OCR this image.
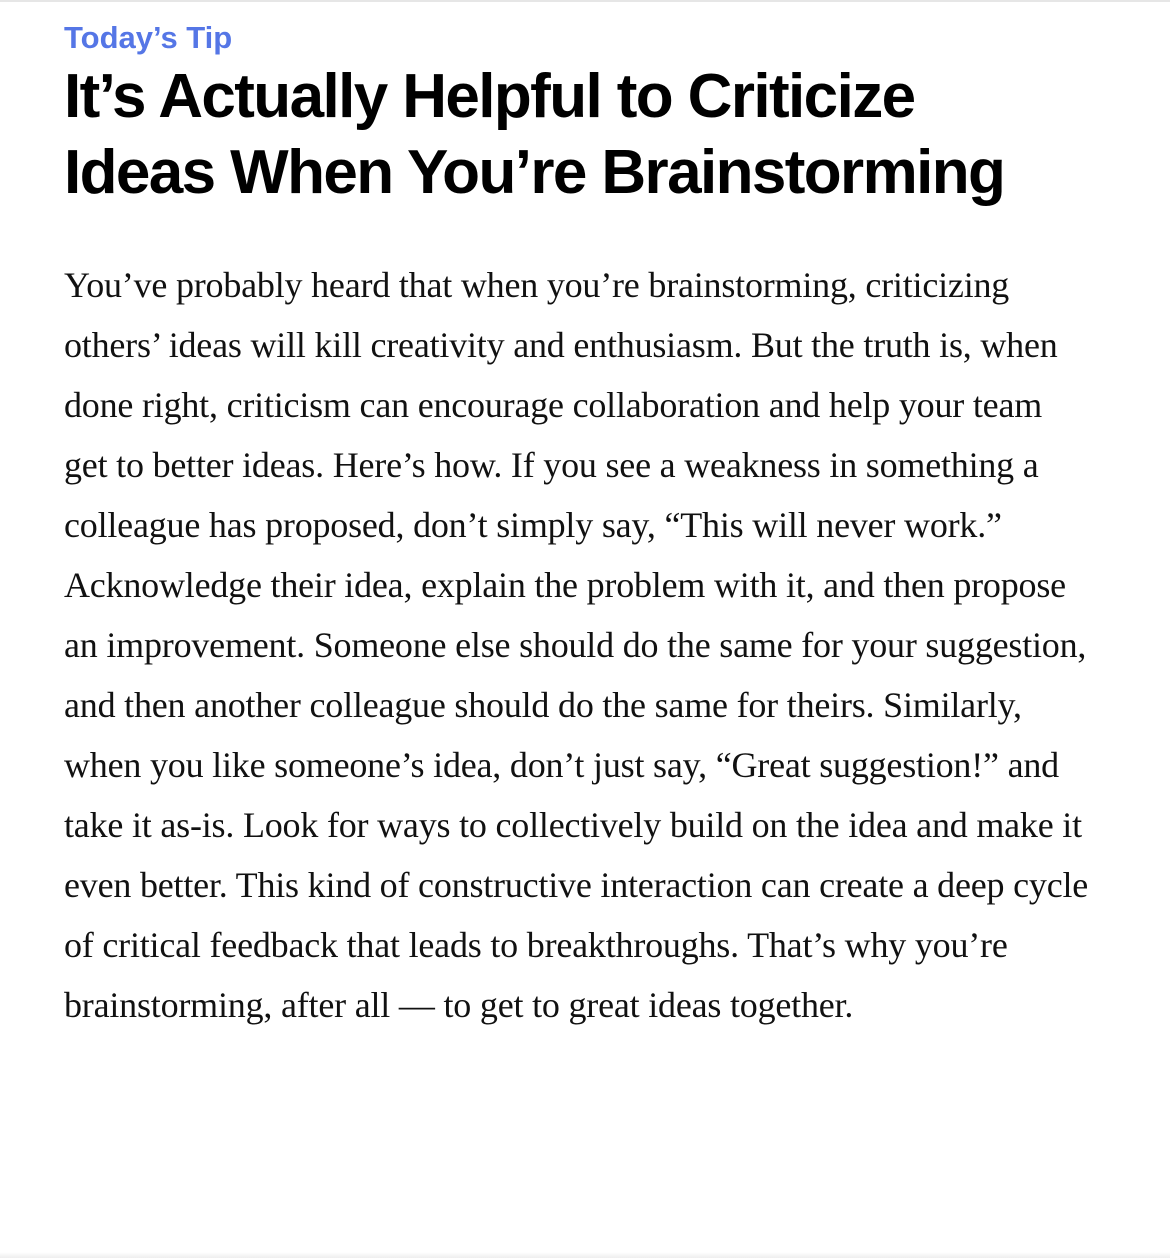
Today’s Tip

It’s Actually Helpful to Criticize Ideas When You’re Brainstorming

You’ve probably heard that when you’re brainstorming, criticizing others’ ideas will kill creativity and enthusiasm. But the truth is, when done right, criticism can encourage collaboration and help your team get to better ideas. Here’s how. If you see a weakness in something a colleague has proposed, don’t simply say, “This will never work.” Acknowledge their idea, explain the problem with it, and then propose an improvement. Someone else should do the same for your suggestion, and then another colleague should do the same for theirs. Similarly, when you like someone’s idea, don’t just say, “Great suggestion!” and take it as-is. Look for ways to collectively build on the idea and make it even better. This kind of constructive interaction can create a deep cycle of critical feedback that leads to breakthroughs. That’s why you’re brainstorming, after all — to get to great ideas together.
